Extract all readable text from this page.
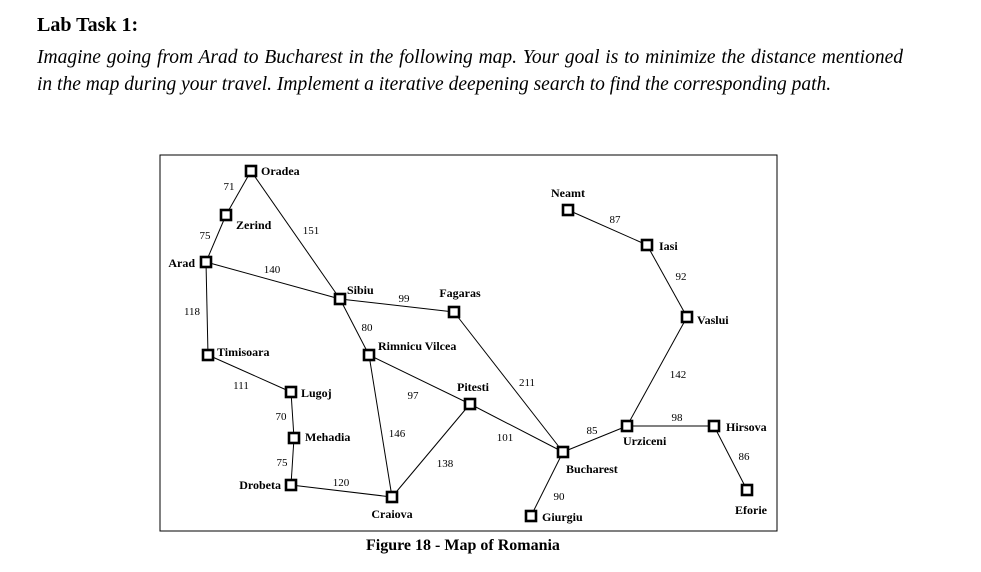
Lab Task 1:

Imagine going from Arad to Bucharest in the following map. Your goal is to minimize the distance mentioned in the map during your travel. Implement a iterative deepening search to find the corresponding path.

71
75	151
140
118
111
70
75
120
99
80
97
146
138
101
211
90
85
98
86
142
92
87
Oradea
Zerind
Arad
Timisoara
Lugoj
Mehadia
Drobeta
Craiova
Sibiu
Rimnicu Vilcea
Fagaras
Pitesti
Bucharest
Giurgiu
Urziceni
Hirsova
Eforie
Vaslui
Iasi
Neamt
Figure 18 - Map of Romania
